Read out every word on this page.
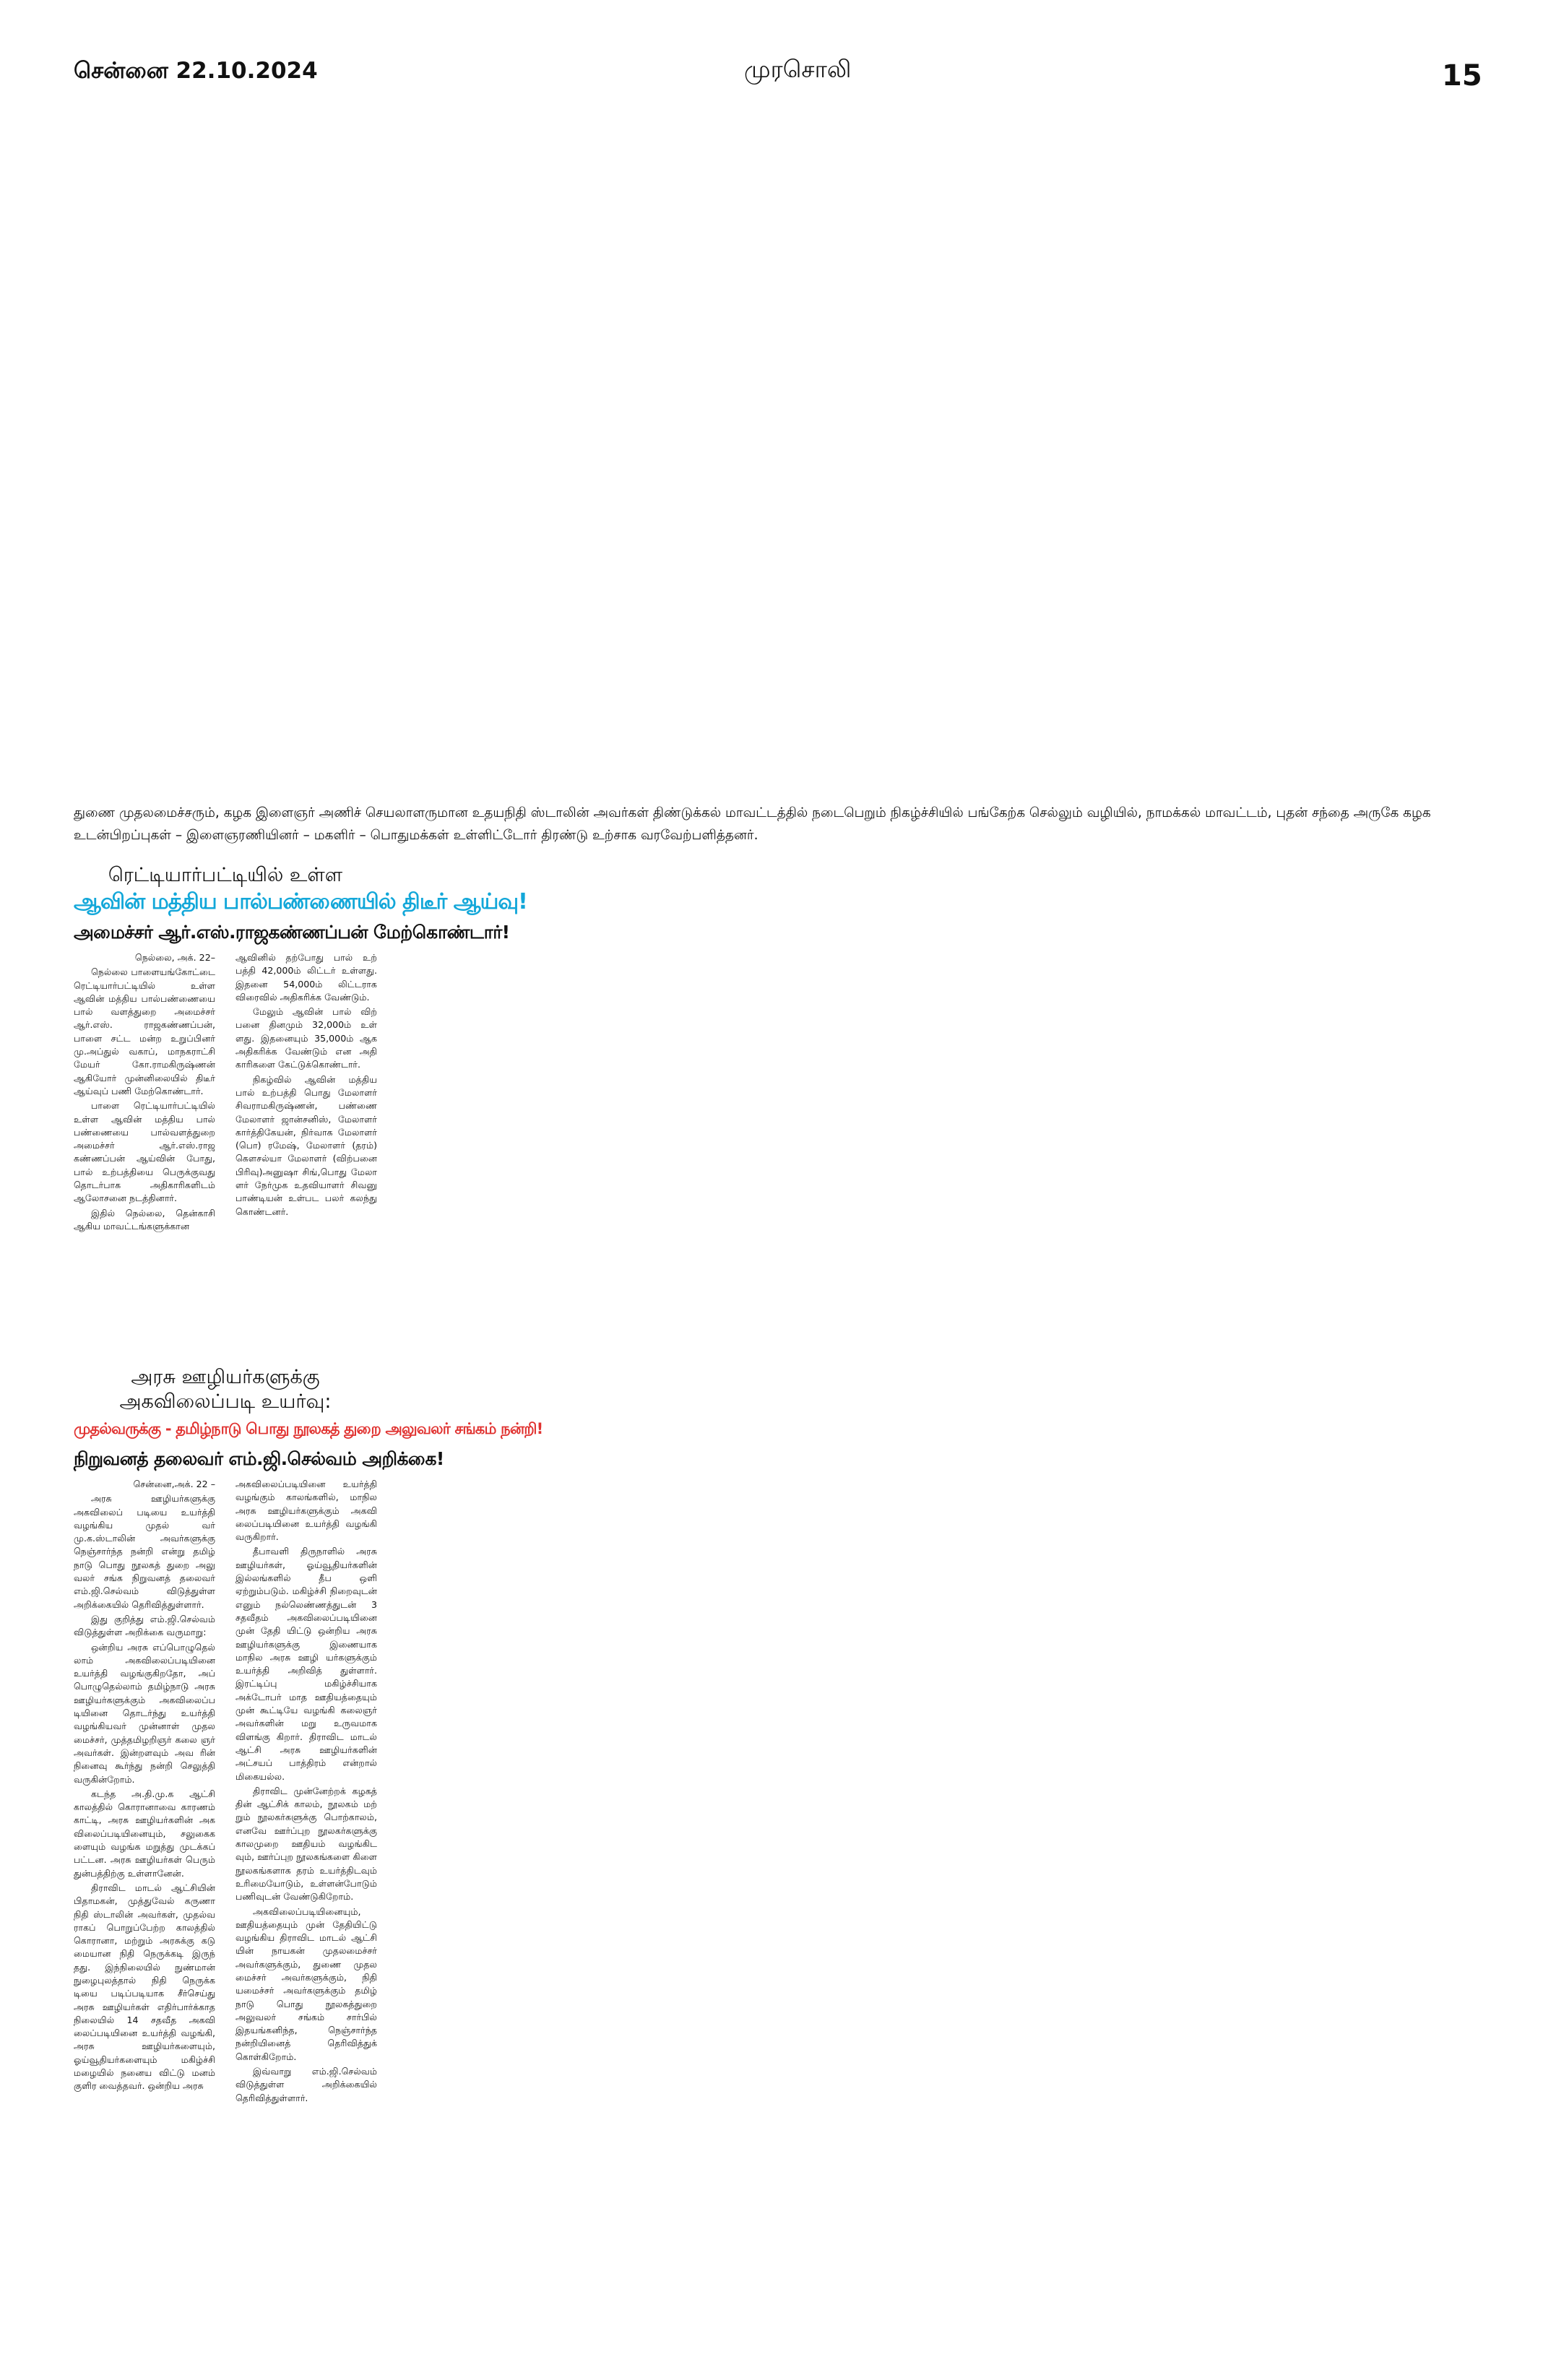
சென்னை 22.10.2024	முரசொலி	15
துணை முதலமைச்சரும், கழக இளைஞர் அணிச் செயலாளருமான உதயநிதி ஸ்டாலின் அவர்கள் திண்டுக்கல் மாவட்டத்தில் நடைபெறும் நிகழ்ச்சியில் பங்கேற்க செல்லும் வழியில், நாமக்கல் மாவட்டம், புதன் சந்தை அருகே கழக உடன்பிறப்புகள் – இளைஞரணியினர் – மகளிர் – பொதுமக்கள் உள்ளிட்டோர் திரண்டு உற்சாக வரவேற்பளித்தனர்.
ரெட்டியார்பட்டியில் உள்ள
ஆவின் மத்திய பால்பண்ணையில் திடீர் ஆய்வு!
அமைச்சர் ஆர்.எஸ்.ராஜகண்ணப்பன் மேற்கொண்டார்!

நெல்லை, அக். 22–

நெல்லை பாளையங்கோட்டை ரெட்டியார்பட்டியில் உள்ள ஆவின் மத்திய பால்பண்ணையை பால் வளத்துறை அமைச்சர் ஆர்.எஸ். ராஜகண்ணப்பன், பாளை சட்ட மன்ற உறுப்பினர் மு.அப்துல் வகாப், மாநகராட்சி மேயர் கோ.ராமகிருஷ்ணன் ஆகியோர் முன்னிலையில் திடீர் ஆய்வுப் பணி மேற்கொண்டார்.

பாளை ரெட்டியார்பட்டியில் உள்ள ஆவின் மத்திய பால் பண்ணையை பால்வளத்துறை அமைச்சர் ஆர்.எஸ்.ராஜ கண்ணப்பன் ஆய்வின் போது, பால் உற்பத்தியை பெருக்குவது தொடர்பாக அதிகாரிகளிடம் ஆலோசனை நடத்தினார்.

இதில் நெல்லை, தென்காசி ஆகிய மாவட்டங்களுக்கான

ஆவினில் தற்போது பால் உற் பத்தி 42,000ம் லிட்டர் உள்ளது. இதனை 54,000ம் லிட்டராக விரைவில் அதிகரிக்க வேண்டும்.

மேலும் ஆவின் பால் விற் பனை தினமும் 32,000ம் உள் ளது. இதனையும் 35,000ம் ஆக அதிகரிக்க வேண்டும் என அதி காரிகளை கேட்டுக்கொண்டார்.

நிகழ்வில் ஆவின் மத்திய பால் உற்பத்தி பொது மேலாளர் சிவராமகிருஷ்ணன், பண்ணை மேலாளர் ஜான்சனிஸ், மேலாளர் கார்த்திகேயன், நிர்வாக மேலாளர் (பொ) ரமேஷ், மேலாளர் (தரம்) கௌசல்யா மேலாளர் (விற்பனை பிரிவு)அனுஷா சிங்,பொது மேலா ளர் நேர்முக உதவியாளர் சிவனு பாண்டியன் உள்பட பலர் கலந்து கொண்டனர்.

அரசு ஊழியர்களுக்கு அகவிலைப்படி உயர்வு:
முதல்வருக்கு - தமிழ்நாடு பொது நூலகத் துறை அலுவலர் சங்கம் நன்றி!
நிறுவனத் தலைவர் எம்.ஜி.செல்வம் அறிக்கை!

சென்னை,அக். 22 –

அரசு ஊழியர்களுக்கு அகவிலைப் படியை உயர்த்தி வழங்கிய முதல் வர் மு.க.ஸ்டாலின் அவர்களுக்கு நெஞ்சார்ந்த நன்றி என்று தமிழ் நாடு பொது நூலகத் துறை அலு வலர் சங்க நிறுவனத் தலைவர் எம்.ஜி.செல்வம் விடுத்துள்ள அறிக்கையில் தெரிவித்துள்ளார்.

இது குறித்து எம்.ஜி.செல்வம் விடுத்துள்ள அறிக்கை வருமாறு:

ஒன்றிய அரசு எப்பொழுதெல் லாம் அகவிலைப்படியினை உயர்த்தி வழங்குகிறதோ, அப் பொழுதெல்லாம் தமிழ்நாடு அரசு ஊழியர்களுக்கும் அகவிலைப்ப டியினை தொடர்ந்து உயர்த்தி வழங்கியவர் முன்னாள் முதல மைச்சர், முத்தமிழறிஞர் கலை ஞர் அவர்கள். இன்றளவும் அவ ரின் நினைவு கூர்ந்து நன்றி செலுத்தி வருகின்றோம்.

கடந்த அ.தி.மு.க ஆட்சி காலத்தில் கொரானாவை காரணம் காட்டி, அரசு ஊழியர்களின் அக விலைப்படியினையும், சலுகைக ளையும் வழங்க மறுத்து முடக்கப் பட்டன. அரசு ஊழியர்கள் பெரும் துன்பத்திற்கு உள்ளானேன்.

திராவிட மாடல் ஆட்சியின் பிதாமகன், முத்துவேல் கருணா நிதி ஸ்டாலின் அவர்கள், முதல்வ ராகப் பொறுப்பேற்ற காலத்தில் கொரானா, மற்றும் அரசுக்கு கடு மையான நிதி நெருக்கடி இருந் தது. இந்நிலையில் நுண்மான் நுழைபுலத்தால் நிதி நெருக்க டியை படிப்படியாக சீர்செய்து அரசு ஊழியர்கள் எதிர்பார்க்காத நிலையில் 14 சதவீத அகவி லைப்படியினை உயர்த்தி வழங்கி, அரசு ஊழியர்களையும், ஓய்வூதியர்களையும் மகிழ்ச்சி மழையில் நனைய விட்டு மனம் குளிர வைத்தவர். ஒன்றிய அரசு

அகவிலைப்படியினை உயர்த்தி வழங்கும் காலங்களில், மாநில அரசு ஊழியர்களுக்கும் அகவி லைப்படியினை உயர்த்தி வழங்கி வருகிறார்.

தீபாவளி திருநாளில் அரசு ஊழியர்கள், ஓய்வூதியர்களின் இல்லங்களில் தீப ஒளி ஏற்றும்படும். மகிழ்ச்சி நிறைவுடன் எனும் நல்லெண்ணத்துடன் 3 சதவீதம் அகவிலைப்படியினை முன் தேதி யிட்டு ஒன்றிய அரசு ஊழியர்களுக்கு இணையாக மாநில அரசு ஊழி யர்களுக்கும் உயர்த்தி அறிவித் துள்ளார். இரட்டிப்பு மகிழ்ச்சியாக அக்டோபர் மாத ஊதியத்தையும் முன் கூட்டியே வழங்கி கலைஞர் அவர்களின் மறு உருவமாக விளங்கு கிறார். திராவிட மாடல் ஆட்சி அரசு ஊழியர்களின் அட்சயப் பாத்திரம் என்றால் மிகையல்ல.

திராவிட முன்னேற்றக் கழகத் தின் ஆட்சிக் காலம், நூலகம் மற் றும் நூலகர்களுக்கு பொற்காலம், எனவே ஊர்ப்புற நூலகர்களுக்கு காலமுறை ஊதியம் வழங்கிட வும், ஊர்ப்புற நூலகங்களை கிளை நூலகங்களாக தரம் உயர்த்திடவும் உரிமையோடும், உள்ளன்போடும் பணிவுடன் வேண்டுகிறோம்.

அகவிலைப்படியினையும், ஊதியத்தையும் முன் தேதியிட்டு வழங்கிய திராவிட மாடல் ஆட்சி யின் நாயகன் முதலமைச்சர் அவர்களுக்கும், துணை முதல மைச்சர் அவர்களுக்கும், நிதி யமைச்சர் அவர்களுக்கும் தமிழ் நாடு பொது நூலகத்துறை அலுவலர் சங்கம் சார்பில் இதயங்கனிந்த, நெஞ்சார்ந்த நன்றியினைத் தெரிவித்துக் கொள்கிறோம்.

இவ்வாறு எம்.ஜி.செல்வம் விடுத்துள்ள அறிக்கையில் தெரிவித்துள்ளார்.
